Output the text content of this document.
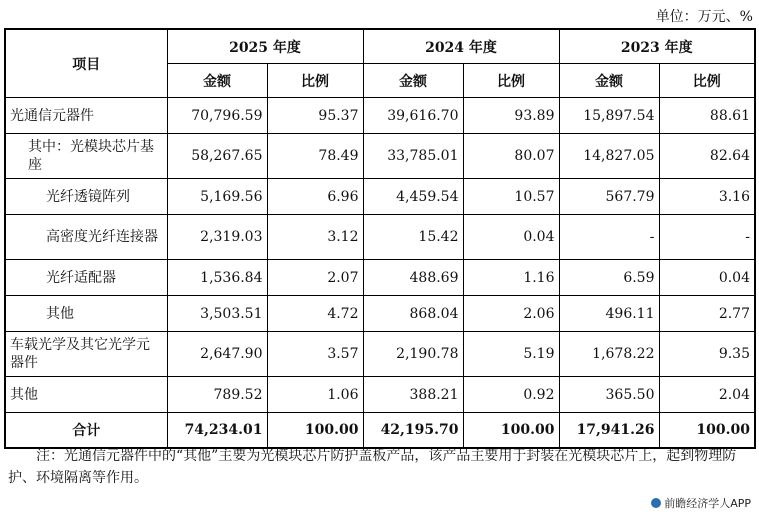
单位：万元、%
项目	2025 年度		2024 年度		2023 年度	
	金额	比例	金额	比例	金额	比例
光通信元器件	70,796.59	95.37	39,616.70	93.89	15,897.54	88.61
其中：光模块芯片基座	58,267.65	78.49	33,785.01	80.07	14,827.05	82.64
光纤透镜阵列	5,169.56	6.96	4,459.54	10.57	567.79	3.16
高密度光纤连接器	2,319.03	3.12	15.42	0.04	-	-
光纤适配器	1,536.84	2.07	488.69	1.16	6.59	0.04
其他	3,503.51	4.72	868.04	2.06	496.11	2.77
车载光学及其它光学元器件	2,647.90	3.57	2,190.78	5.19	1,678.22	9.35
其他	789.52	1.06	388.21	0.92	365.50	2.04
合计	74,234.01	100.00	42,195.70	100.00	17,941.26	100.00
注：光通信元器件中的“其他”主要为光模块芯片防护盖板产品，该产品主要用于封装在光模块芯片上，起到物理防护、环境隔离等作用。
前瞻经济学人APP
